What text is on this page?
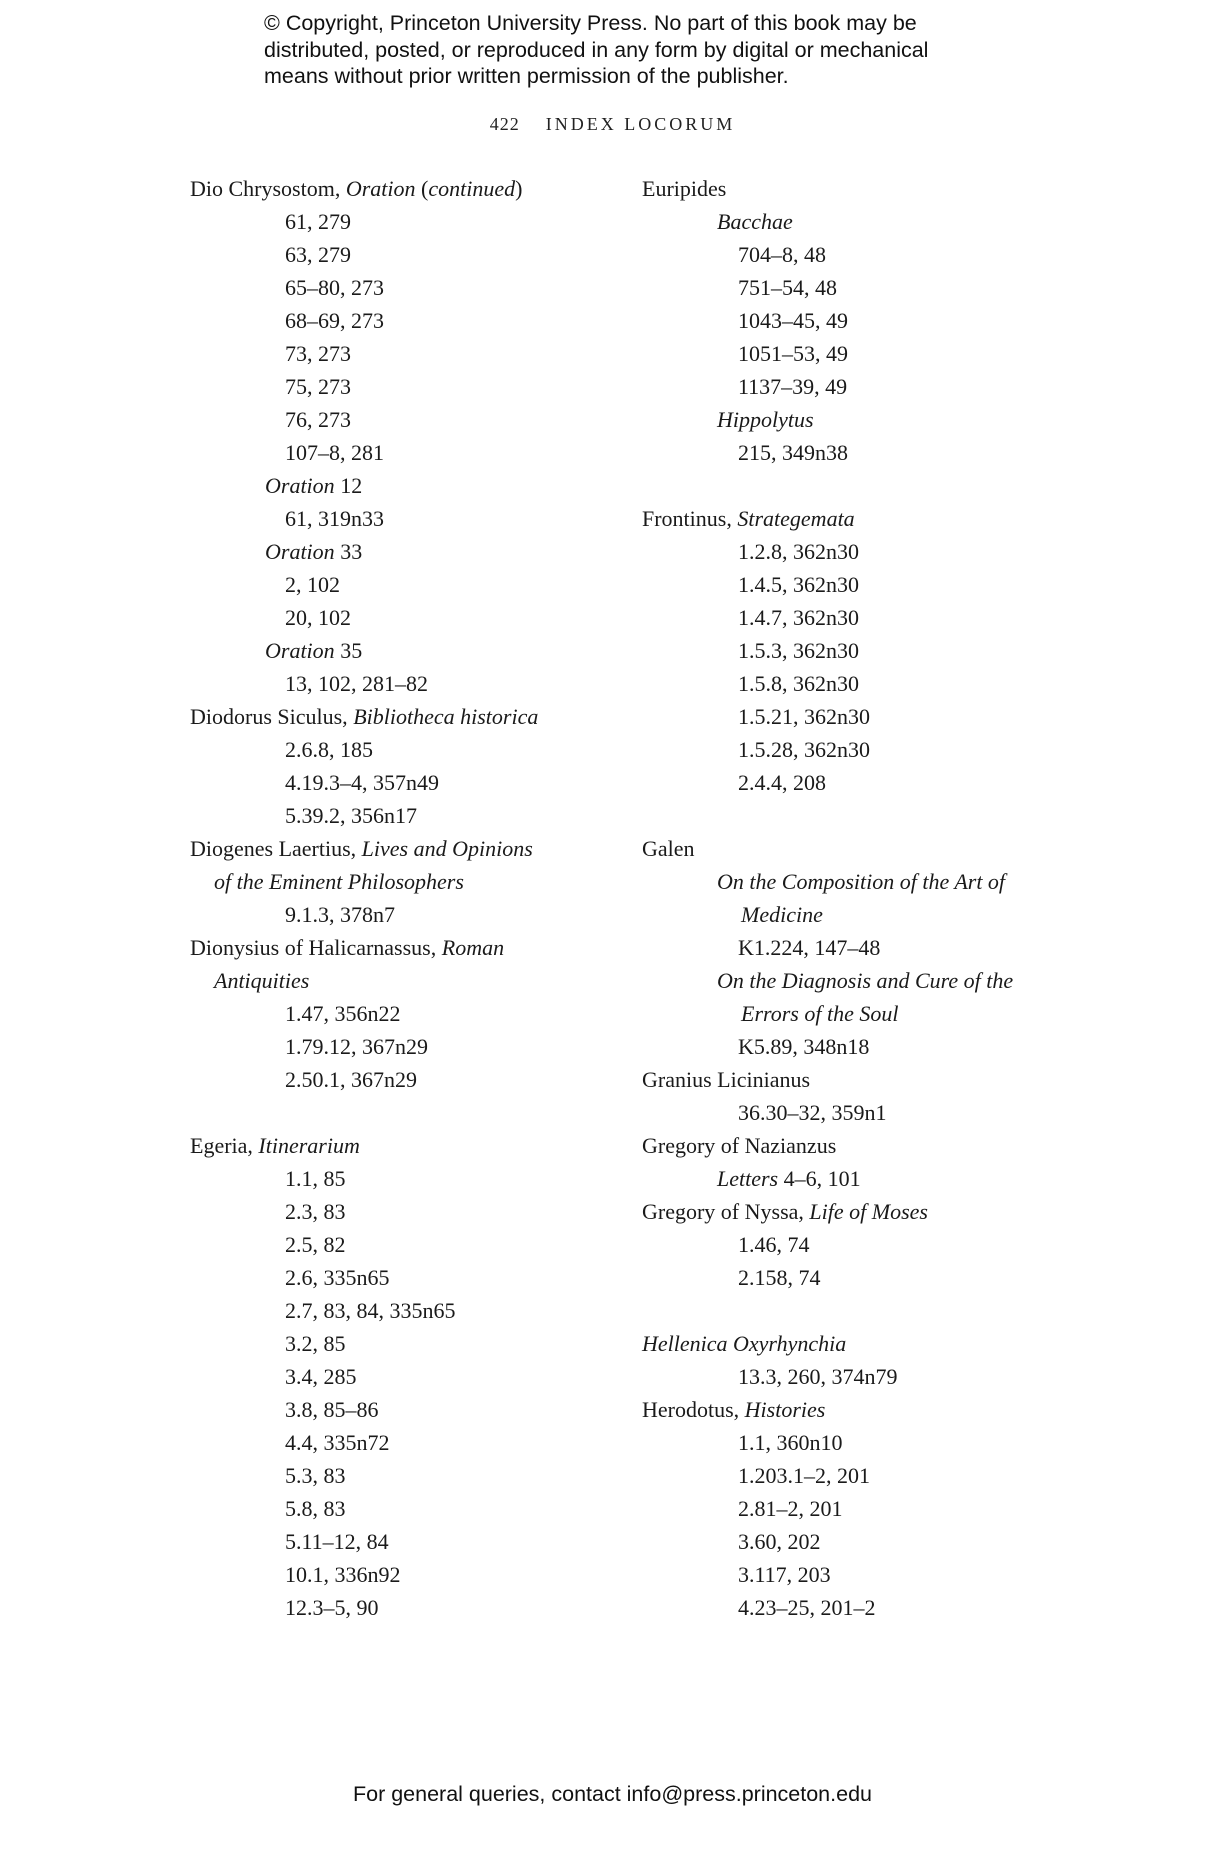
© Copyright, Princeton University Press. No part of this book may be
distributed, posted, or reproduced in any form by digital or mechanical
means without prior written permission of the publisher.
422 INDEX LOCORUM
Dio Chrysostom, Oration (continued)
61, 279
63, 279
65–80, 273
68–69, 273
73, 273
75, 273
76, 273
107–8, 281
Oration 12
61, 319n33
Oration 33
2, 102
20, 102
Oration 35
13, 102, 281–82
Diodorus Siculus, Bibliotheca historica
2.6.8, 185
4.19.3–4, 357n49
5.39.2, 356n17
Diogenes Laertius, Lives and Opinions
of the Eminent Philosophers
9.1.3, 378n7
Dionysius of Halicarnassus, Roman
Antiquities
1.47, 356n22
1.79.12, 367n29
2.50.1, 367n29
Egeria, Itinerarium
1.1, 85
2.3, 83
2.5, 82
2.6, 335n65
2.7, 83, 84, 335n65
3.2, 85
3.4, 285
3.8, 85–86
4.4, 335n72
5.3, 83
5.8, 83
5.11–12, 84
10.1, 336n92
12.3–5, 90
Euripides
Bacchae
704–8, 48
751–54, 48
1043–45, 49
1051–53, 49
1137–39, 49
Hippolytus
215, 349n38
Frontinus, Strategemata
1.2.8, 362n30
1.4.5, 362n30
1.4.7, 362n30
1.5.3, 362n30
1.5.8, 362n30
1.5.21, 362n30
1.5.28, 362n30
2.4.4, 208
Galen
On the Composition of the Art of
Medicine
K1.224, 147–48
On the Diagnosis and Cure of the
Errors of the Soul
K5.89, 348n18
Granius Licinianus
36.30–32, 359n1
Gregory of Nazianzus
Letters 4–6, 101
Gregory of Nyssa, Life of Moses
1.46, 74
2.158, 74
Hellenica Oxyrhynchia
13.3, 260, 374n79
Herodotus, Histories
1.1, 360n10
1.203.1–2, 201
2.81–2, 201
3.60, 202
3.117, 203
4.23–25, 201–2
For general queries, contact info@press.princeton.edu
